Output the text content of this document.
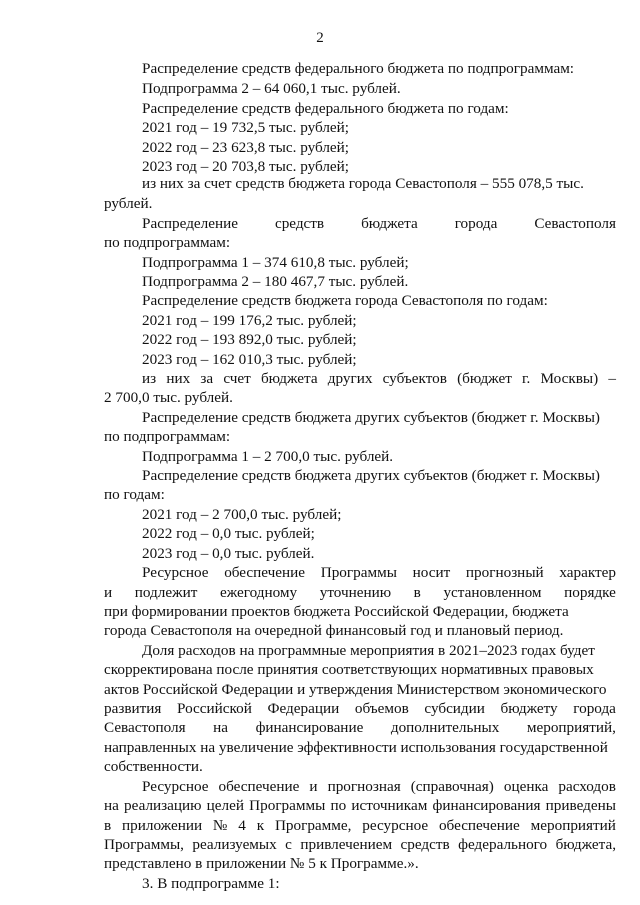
2
Распределение средств федерального бюджета по подпрограммам:
Подпрограмма 2 – 64 060,1 тыс. рублей.
Распределение средств федерального бюджета по годам:
2021 год – 19 732,5 тыс. рублей;
2022 год – 23 623,8 тыс. рублей;
2023 год – 20 703,8 тыс. рублей;
из них за счет средств бюджета города Севастополя – 555 078,5 тыс.
рублей.
Распределение средств бюджета города Севастополя
по подпрограммам:
Подпрограмма 1 – 374 610,8 тыс. рублей;
Подпрограмма 2 – 180 467,7 тыс. рублей.
Распределение средств бюджета города Севастополя по годам:
2021 год – 199 176,2 тыс. рублей;
2022 год – 193 892,0 тыс. рублей;
2023 год – 162 010,3 тыс. рублей;
из них за счет бюджета других субъектов (бюджет г. Москвы) –
2 700,0 тыс. рублей.
Распределение средств бюджета других субъектов (бюджет г. Москвы)
по подпрограммам:
Подпрограмма 1 – 2 700,0 тыс. рублей.
Распределение средств бюджета других субъектов (бюджет г. Москвы)
по годам:
2021 год – 2 700,0 тыс. рублей;
2022 год – 0,0 тыс. рублей;
2023 год – 0,0 тыс. рублей.
Ресурсное обеспечение Программы носит прогнозный характер
и подлежит ежегодному уточнению в установленном порядке
при формировании проектов бюджета Российской Федерации, бюджета
города Севастополя на очередной финансовый год и плановый период.
Доля расходов на программные мероприятия в 2021–2023 годах будет
скорректирована после принятия соответствующих нормативных правовых
актов Российской Федерации и утверждения Министерством экономического
развития Российской Федерации объемов субсидии бюджету города
Севастополя на финансирование дополнительных мероприятий,
направленных на увеличение эффективности использования государственной
собственности.
Ресурсное обеспечение и прогнозная (справочная) оценка расходов
на реализацию целей Программы по источникам финансирования приведены
в приложении № 4 к Программе, ресурсное обеспечение мероприятий
Программы, реализуемых с привлечением средств федерального бюджета,
представлено в приложении № 5 к Программе.».
3. В подпрограмме 1:
